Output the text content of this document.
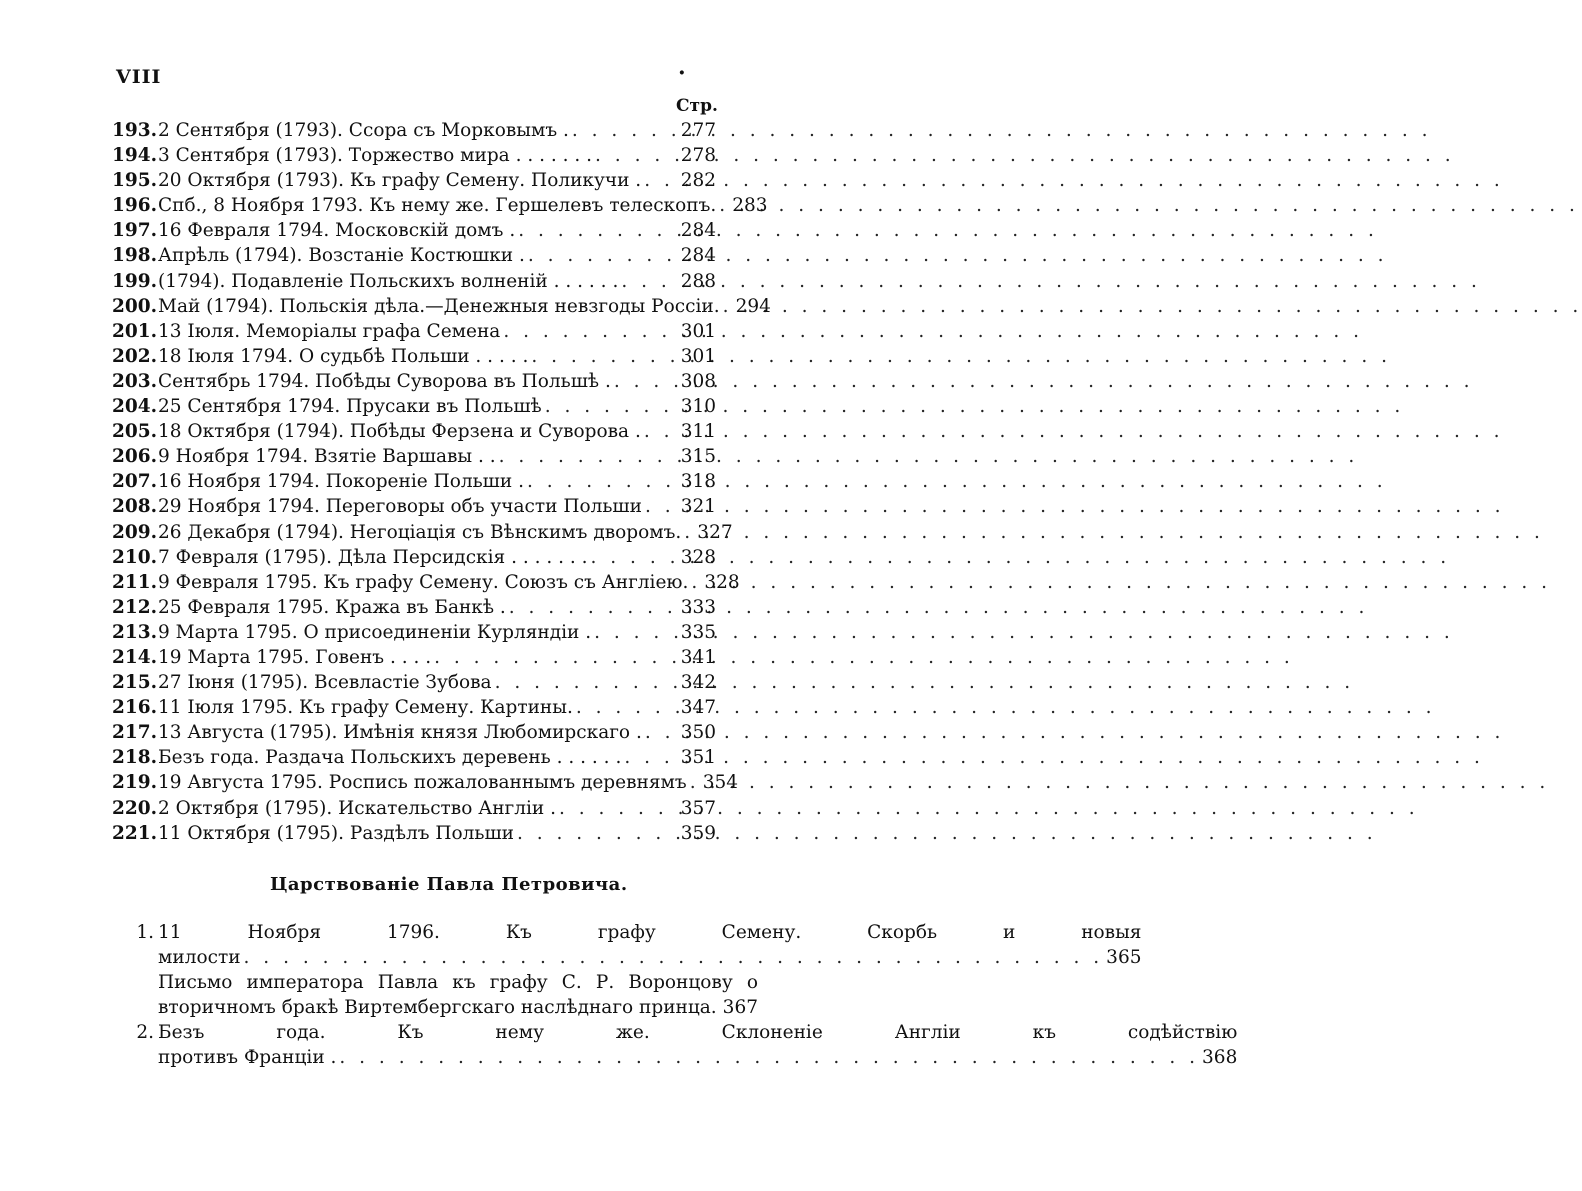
VIII	·
Стр.
193. 2 Сентября (1793). Ссора съ Морковымъ . . . .	277
194. 3 Сентября (1793). Торжество мира . . . . . . . . . .	278
195. 20 Октября (1793). Къ графу Семену. Поликучи . . . . 282
196. Спб., 8 Ноября 1793. Къ нему же. Гершелевъ телескопъ. . . . 283
197. 16 Февраля 1794. Московскій домъ . . . .	284
198. Апрѣль (1794). Возстаніе Костюшки . . . .	284
199. (1794). Подавленіе Польскихъ волненій . . . . . . . . .	288
200. Май (1794). Польскія дѣла.—Денежныя невзгоды Россіи. . . . 294
201. 13 Іюля. Меморіалы графа Семена . . .	301
202. 18 Іюля 1794. О судьбѣ Польши . . . . . . . .	301
203. Сентябрь 1794. Побѣды Суворова въ Польшѣ . . . .	308
204. 25 Сентября 1794. Прусаки въ Польшѣ . . .	310
205. 18 Октября (1794). Побѣды Ферзена и Суворова . . . . 311
206. 9 Ноября 1794. Взятіе Варшавы . . . . .	315
207. 16 Ноября 1794. Покореніе Польши . . . .	318
208. 29 Ноября 1794. Переговоры объ участи Польши . . . 321
209. 26 Декабря (1794). Негоціація съ Вѣнскимъ дворомъ. . . . 327
210. 7 Февраля (1795). Дѣла Персидскія . . . . . . . . . .	328
211. 9 Февраля 1795. Къ графу Семену. Союзъ съ Англіею. . . . 328
212. 25 Февраля 1795. Кража въ Банкѣ . . . .	333
213. 9 Марта 1795. О присоединеніи Курляндіи . . . .	335
214. 19 Марта 1795. Говенъ . . . . . . .	341
215. 27 Іюня (1795). Всевластіе Зубова . . .	342
216. 11 Іюля 1795. Къ графу Семену. Картины. . . .	347
217. 13 Августа (1795). Имѣнія князя Любомирскаго . . . . 350
218. Безъ года. Раздача Польскихъ деревень . . . . . . . . .	351
219. 19 Августа 1795. Роспись пожалованнымъ деревнямъ . . . 354
220. 2 Октября (1795). Искательство Англіи . . . .	357
221. 11 Октября (1795). Раздѣлъ Польши . . .	359
Царствованіе Павла Петровича.
1. 11 Ноября 1796. Къ графу Семену. Скорбь и новыя
милости . . .	365
Письмо императора Павла къ графу С. Р. Воронцову о
вторичномъ бракѣ Виртембергскаго наслѣднаго принца. 367
2. Безъ года. Къ нему же. Склоненіе Англіи къ содѣйствію
противъ Франціи . . . .	368
